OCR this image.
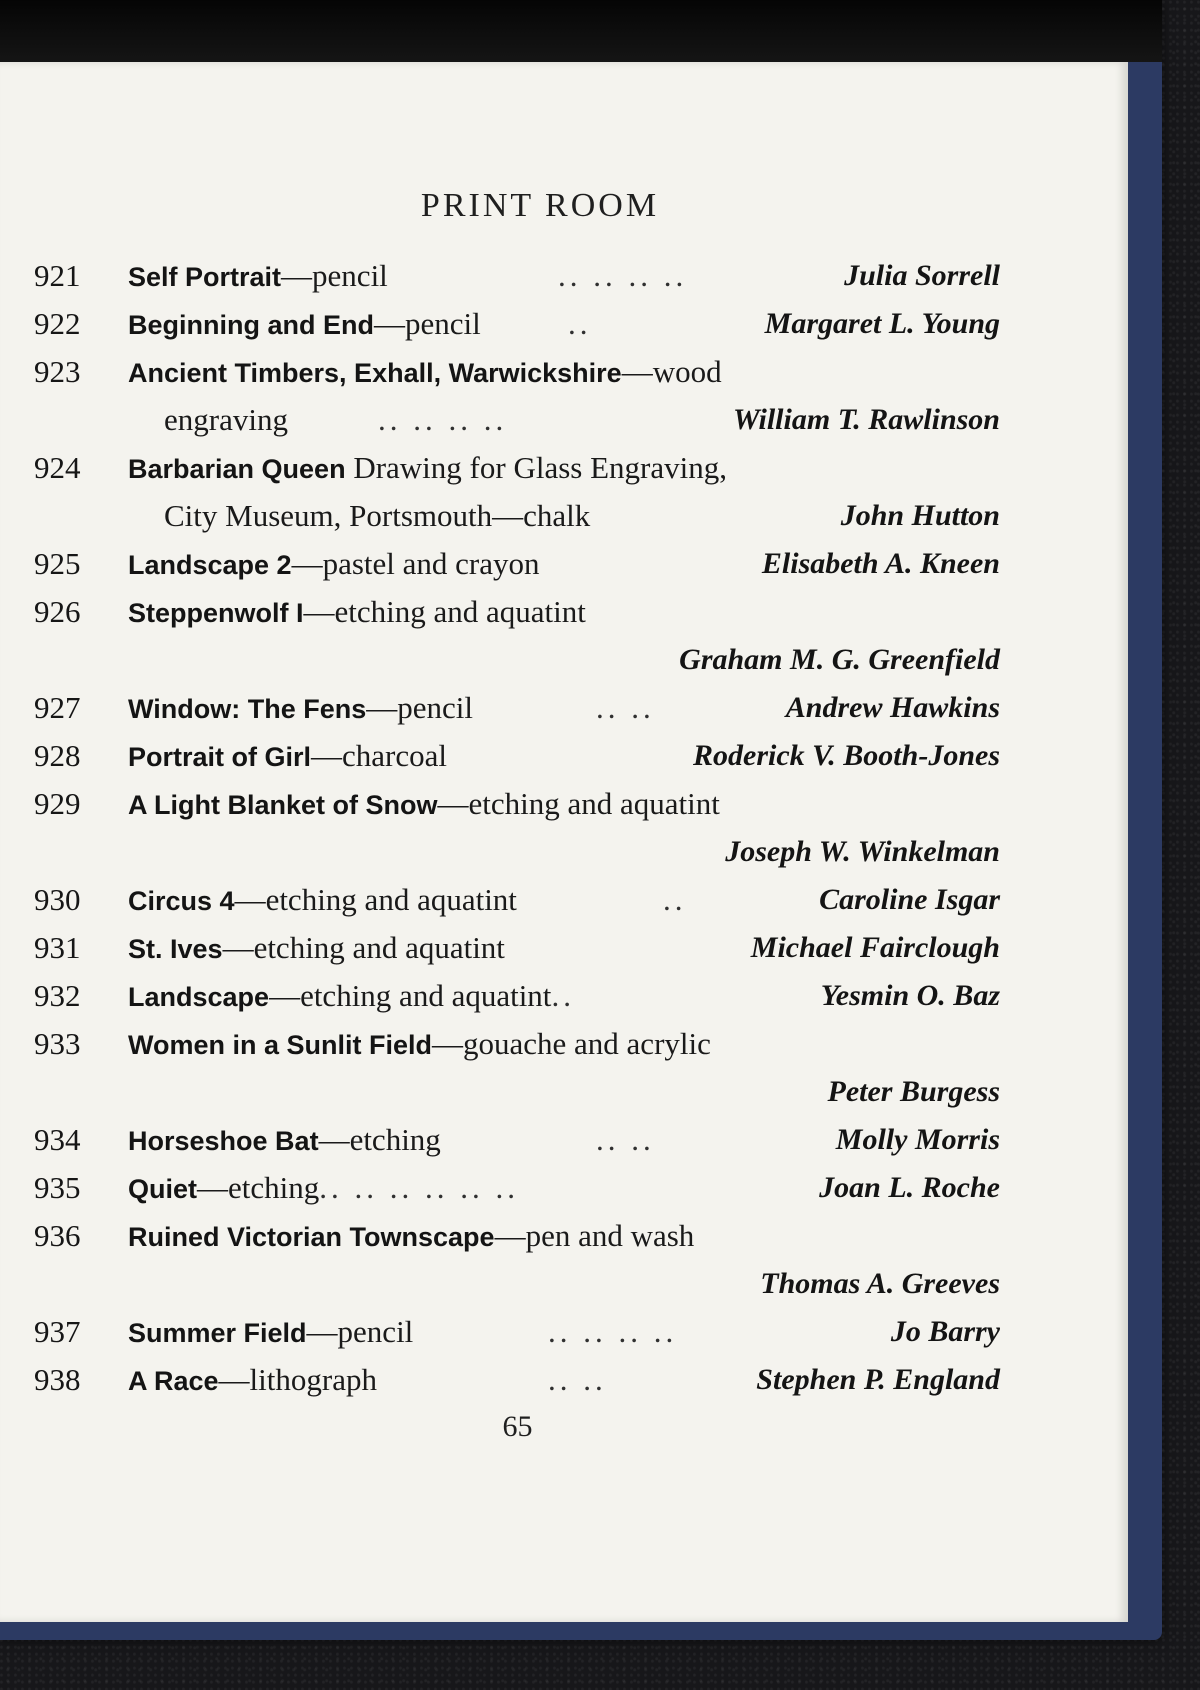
PRINT ROOM
921	Self Portrait—pencil	.. .. .. ..	Julia Sorrell
922	Beginning and End—pencil	..	Margaret L. Young
923	Ancient Timbers, Exhall, Warwickshire—wood
engraving	.. .. .. ..	William T. Rawlinson
924	Barbarian Queen Drawing for Glass Engraving,
City Museum, Portsmouth—chalk	John Hutton
925	Landscape 2—pastel and crayon	Elisabeth A. Kneen
926	Steppenwolf I—etching and aquatint
Graham M. G. Greenfield
927	Window: The Fens—pencil	.. ..	Andrew Hawkins
928	Portrait of Girl—charcoal	Roderick V. Booth-Jones
929	A Light Blanket of Snow—etching and aquatint
Joseph W. Winkelman
930	Circus 4—etching and aquatint	..	Caroline Isgar
931	St. Ives—etching and aquatint	Michael Fairclough
932	Landscape—etching and aquatint..	Yesmin O. Baz
933	Women in a Sunlit Field—gouache and acrylic
Peter Burgess
934	Horseshoe Bat—etching	.. ..	Molly Morris
935	Quiet—etching.. .. .. .. .. ..	Joan L. Roche
936	Ruined Victorian Townscape—pen and wash
Thomas A. Greeves
937	Summer Field—pencil	.. .. .. ..	Jo Barry
938	A Race—lithograph	.. ..	Stephen P. England
65
